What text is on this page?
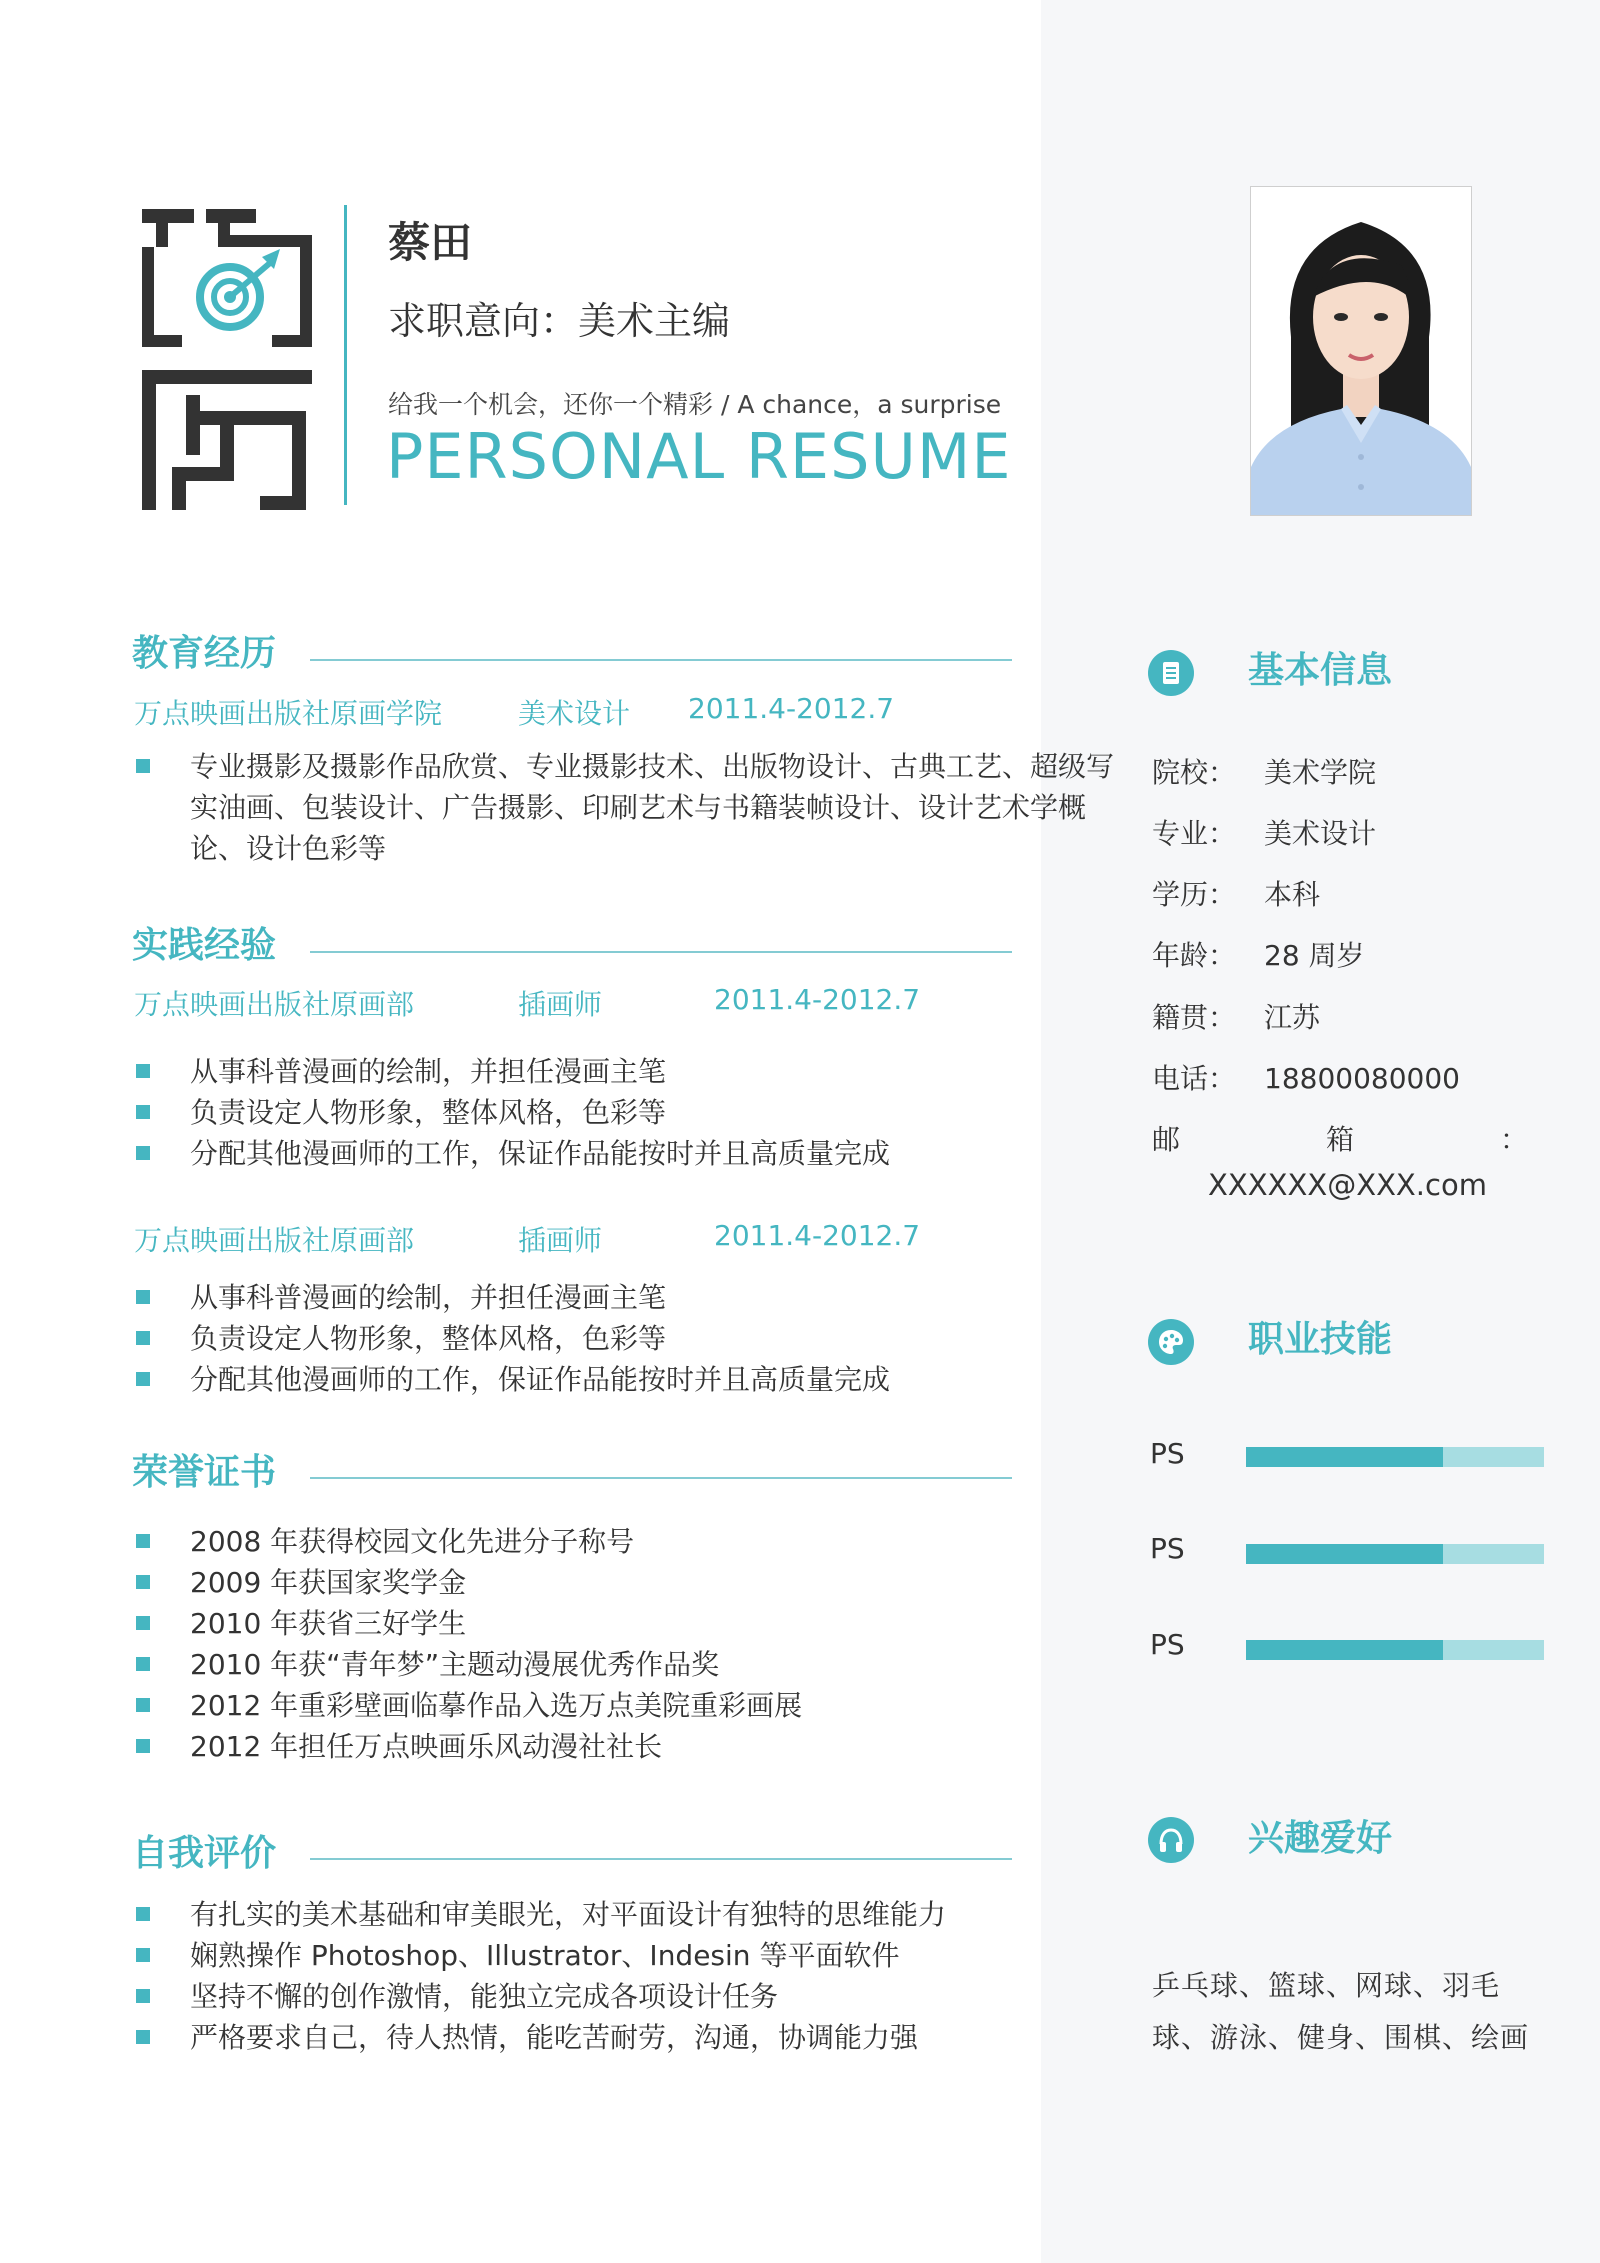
蔡田
求职意向：美术主编
给我一个机会，还你一个精彩 / A chance，a surprise
PERSONAL RESUME
教育经历
万点映画出版社原画学院	美术设计 2011.4-2012.7
专业摄影及摄影作品欣赏、专业摄影技术、出版物设计、古典工艺、超级写实油画、包装设计、广告摄影、印刷艺术与书籍装帧设计、设计艺术学概论、设计色彩等
实践经验
万点映画出版社原画部	插画师	2011.4-2012.7
从事科普漫画的绘制，并担任漫画主笔
负责设定人物形象，整体风格，色彩等
分配其他漫画师的工作，保证作品能按时并且高质量完成
万点映画出版社原画部	插画师	2011.4-2012.7
从事科普漫画的绘制，并担任漫画主笔
负责设定人物形象，整体风格，色彩等
分配其他漫画师的工作，保证作品能按时并且高质量完成
荣誉证书
2008 年获得校园文化先进分子称号
2009 年获国家奖学金
2010 年获省三好学生
2010 年获“青年梦”主题动漫展优秀作品奖
2012 年重彩壁画临摹作品入选万点美院重彩画展
2012 年担任万点映画乐风动漫社社长
自我评价
有扎实的美术基础和审美眼光，对平面设计有独特的思维能力
娴熟操作 Photoshop、Illustrator、Indesin 等平面软件
坚持不懈的创作激情，能独立完成各项设计任务
严格要求自己，待人热情，能吃苦耐劳，沟通，协调能力强
基本信息
院校： 美术学院
专业： 美术设计
学历： 本科
年龄： 28 周岁
籍贯： 江苏
电话： 18800080000
邮	箱	：
XXXXXX@XXX.com
职业技能
PS
PS
PS
兴趣爱好
乒乓球、篮球、网球、羽毛球、游泳、健身、围棋、绘画
